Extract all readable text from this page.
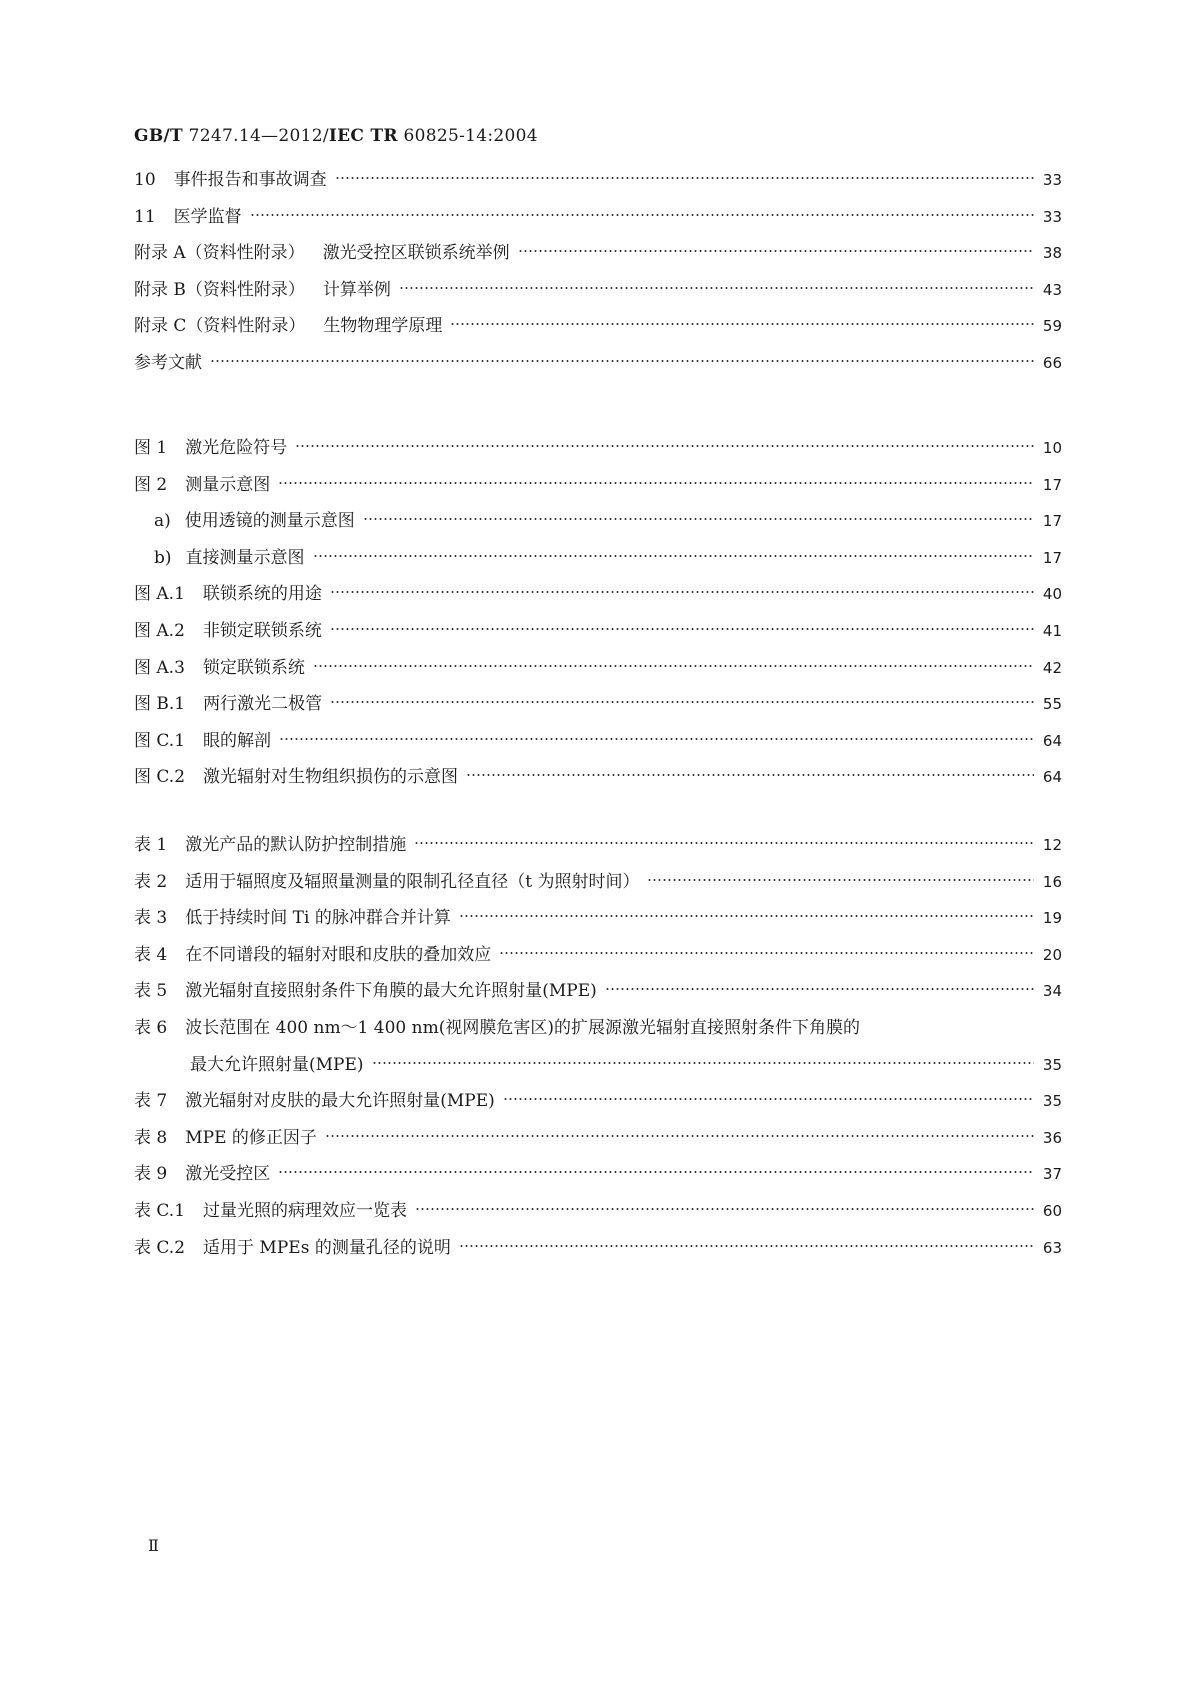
GB/T 7247.14—2012/IEC TR 60825-14:2004
10 事件报告和事故调查	33
11 医学监督	33
附录 A（资料性附录） 激光受控区联锁系统举例	38
附录 B（资料性附录） 计算举例	43
附录 C（资料性附录） 生物物理学原理	59
参考文献	66
图 1 激光危险符号	10
图 2 测量示意图	17
a) 使用透镜的测量示意图	17
b) 直接测量示意图	17
图 A.1 联锁系统的用途	40
图 A.2 非锁定联锁系统	41
图 A.3 锁定联锁系统	42
图 B.1 两行激光二极管	55
图 C.1 眼的解剖	64
图 C.2 激光辐射对生物组织损伤的示意图	64
表 1 激光产品的默认防护控制措施	12
表 2 适用于辐照度及辐照量测量的限制孔径直径（t 为照射时间）	16
表 3 低于持续时间 Ti 的脉冲群合并计算	19
表 4 在不同谱段的辐射对眼和皮肤的叠加效应	20
表 5 激光辐射直接照射条件下角膜的最大允许照射量(MPE)	34
表 6 波长范围在 400 nm～1 400 nm(视网膜危害区)的扩展源激光辐射直接照射条件下角膜的
最大允许照射量(MPE)	35
表 7 激光辐射对皮肤的最大允许照射量(MPE)	35
表 8 MPE 的修正因子	36
表 9 激光受控区	37
表 C.1 过量光照的病理效应一览表	60
表 C.2 适用于 MPEs 的测量孔径的说明	63
Ⅱ
